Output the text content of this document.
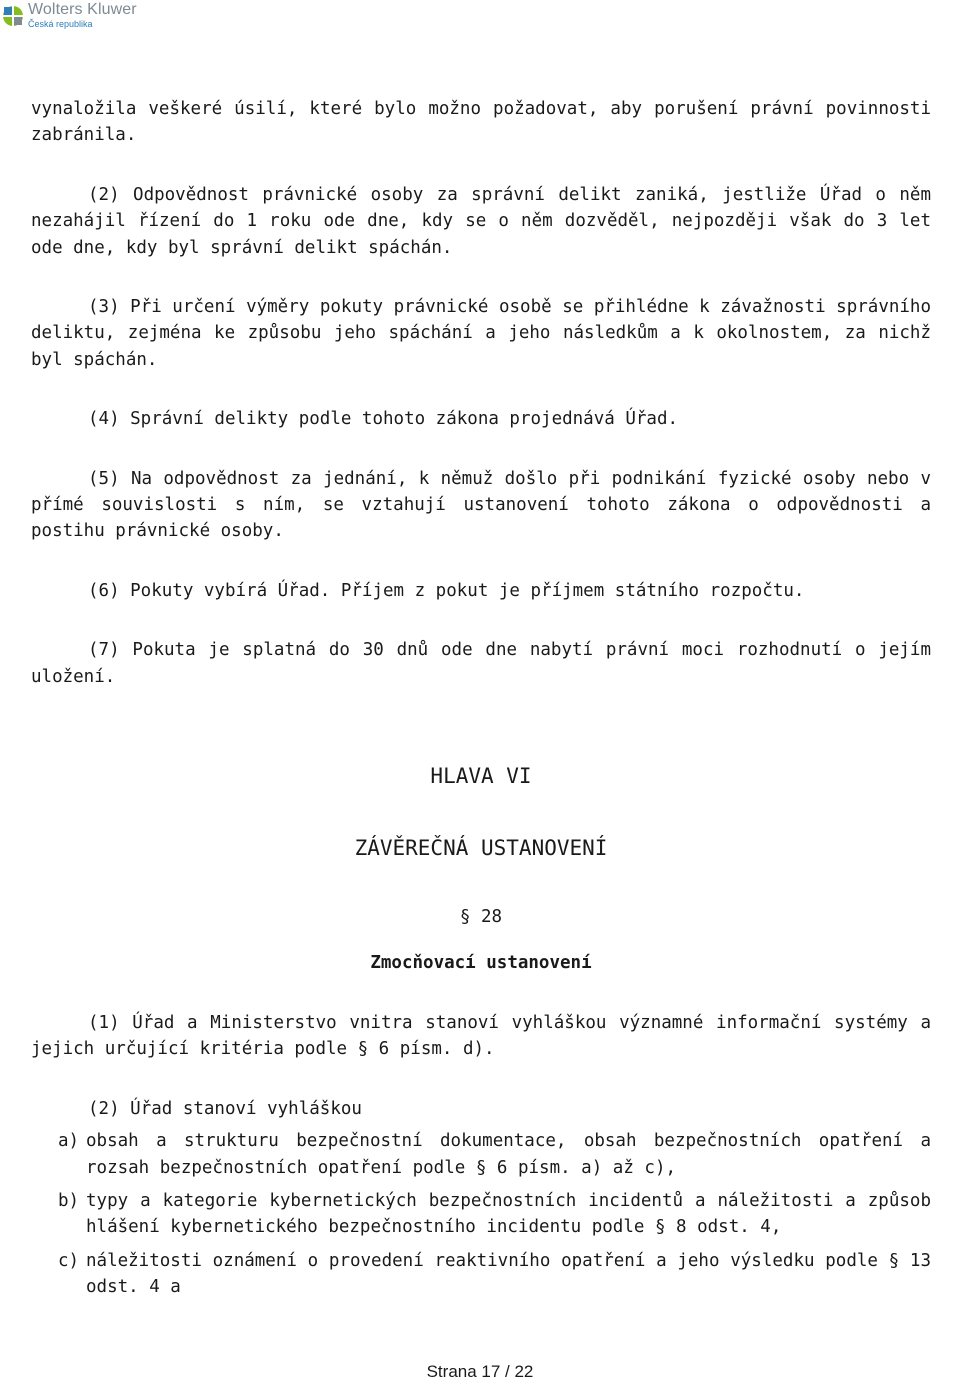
Wolters Kluwer
Česká republika

vynaložila veškeré úsilí, které bylo možno požadovat, aby porušení právní povinnosti zabránila.

(2) Odpovědnost právnické osoby za správní delikt zaniká, jestliže Úřad o něm nezahájil řízení do 1 roku ode dne, kdy se o něm dozvěděl, nejpozději však do 3 let ode dne, kdy byl správní delikt spáchán.

(3) Při určení výměry pokuty právnické osobě se přihlédne k závažnosti správního deliktu, zejména ke způsobu jeho spáchání a jeho následkům a k okolnostem, za nichž byl spáchán.

(4) Správní delikty podle tohoto zákona projednává Úřad.

(5) Na odpovědnost za jednání, k němuž došlo při podnikání fyzické osoby nebo v přímé souvislosti s ním, se vztahují ustanovení tohoto zákona o odpovědnosti a postihu právnické osoby.

(6) Pokuty vybírá Úřad. Příjem z pokut je příjmem státního rozpočtu.

(7) Pokuta je splatná do 30 dnů ode dne nabytí právní moci rozhodnutí o jejím uložení.

HLAVA VI
ZÁVĚREČNÁ USTANOVENÍ
§ 28
Zmocňovací ustanovení

(1) Úřad a Ministerstvo vnitra stanoví vyhláškou významné informační systémy a jejich určující kritéria podle § 6 písm. d).

(2) Úřad stanoví vyhláškou

a) obsah a strukturu bezpečnostní dokumentace, obsah bezpečnostních opatření a rozsah bezpečnostních opatření podle § 6 písm. a) až c),
b) typy a kategorie kybernetických bezpečnostních incidentů a náležitosti a způsob hlášení kybernetického bezpečnostního incidentu podle § 8 odst. 4,
c) náležitosti oznámení o provedení reaktivního opatření a jeho výsledku podle § 13 odst. 4 a
Strana 17 / 22
